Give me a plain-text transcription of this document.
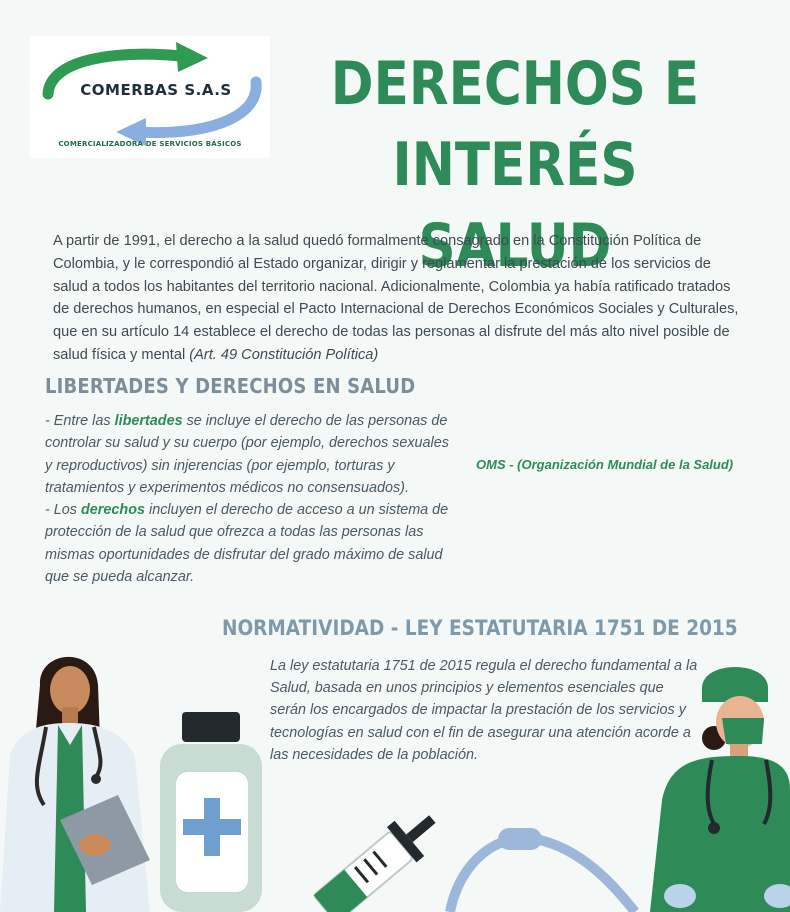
COMERBAS S.A.S
COMERCIALIZADORA DE SERVICIOS BÁSICOS
DERECHOS E
INTERÉS SALUD

A partir de 1991, el derecho a la salud quedó formalmente consagrado en la Constitución Política de Colombia, y le correspondió al Estado organizar, dirigir y reglamentar la prestación de los servicios de salud a todos los habitantes del territorio nacional. Adicionalmente, Colombia ya había ratificado tratados de derechos humanos, en especial el Pacto Internacional de Derechos Económicos Sociales y Culturales, que en su artículo 14 establece el derecho de todas las personas al disfrute del más alto nivel posible de salud física y mental (Art. 49 Constitución Política)

LIBERTADES Y DERECHOS EN SALUD
- Entre las libertades se incluye el derecho de las personas de controlar su salud y su cuerpo (por ejemplo, derechos sexuales y reproductivos) sin injerencias (por ejemplo, torturas y tratamientos y experimentos médicos no consensuados).
- Los derechos incluyen el derecho de acceso a un sistema de protección de la salud que ofrezca a todas las personas las mismas oportunidades de disfrutar del grado máximo de salud que se pueda alcanzar.
OMS - (Organización Mundial de la Salud)
NORMATIVIDAD - LEY ESTATUTARIA 1751 DE 2015

La ley estatutaria 1751 de 2015 regula el derecho fundamental a la Salud, basada en unos principios y elementos esenciales que serán los encargados de impactar la prestación de los servicios y tecnologías en salud con el fin de asegurar una atención acorde a las necesidades de la población.
